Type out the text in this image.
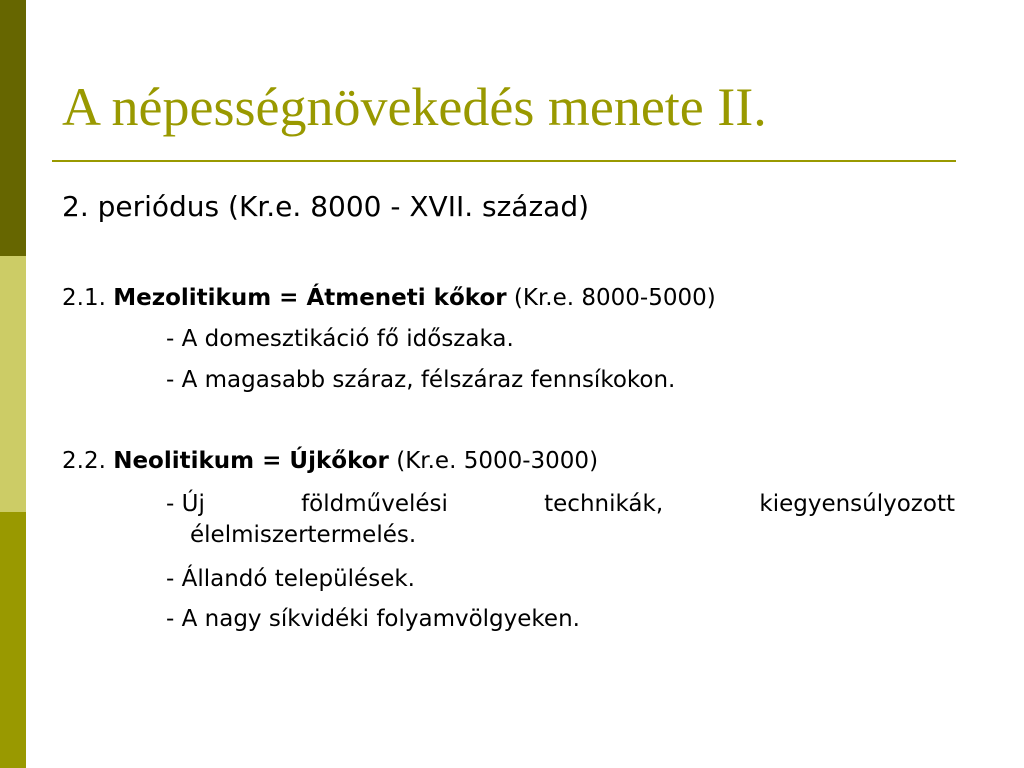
A népességnövekedés menete II.
2. periódus (Kr.e. 8000 - XVII. század)
2.1. Mezolitikum = Átmeneti kőkor (Kr.e. 8000-5000)
- A domesztikáció fő időszaka.
- A magasabb száraz, félszáraz fennsíkokon.
2.2. Neolitikum = Újkőkor (Kr.e. 5000-3000)
- Új	földművelési	technikák,	kiegyensúlyozott
élelmiszertermelés.
- Állandó települések.
- A nagy síkvidéki folyamvölgyeken.
